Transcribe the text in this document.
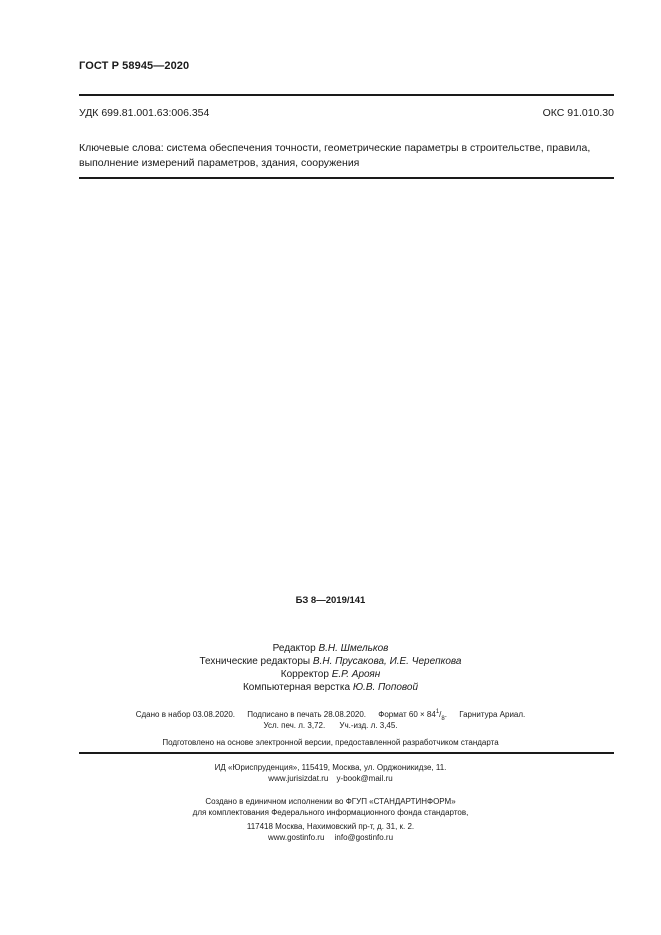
ГОСТ Р 58945—2020
УДК 699.81.001.63:006.354	ОКС 91.010.30
Ключевые слова: система обеспечения точности, геометрические параметры в строительстве, правила,
выполнение измерений параметров, здания, сооружения
БЗ 8—2019/141
Редактор В.Н. Шмельков
Технические редакторы В.Н. Прусакова, И.Е. Черепкова
Корректор Е.Р. Ароян
Компьютерная верстка Ю.В. Поповой
Сдано в набор 03.08.2020. Подписано в печать 28.08.2020. Формат 60 × 841/8. Гарнитура Ариал.
Усл. печ. л. 3,72. Уч.-изд. л. 3,45.
Подготовлено на основе электронной версии, предоставленной разработчиком стандарта
ИД «Юриспруденция», 115419, Москва, ул. Орджоникидзе, 11.
www.jurisizdat.ru y-book@mail.ru
Создано в единичном исполнении во ФГУП «СТАНДАРТИНФОРМ»
для комплектования Федерального информационного фонда стандартов,
117418 Москва, Нахимовский пр-т, д. 31, к. 2.
www.gostinfo.ru info@gostinfo.ru
